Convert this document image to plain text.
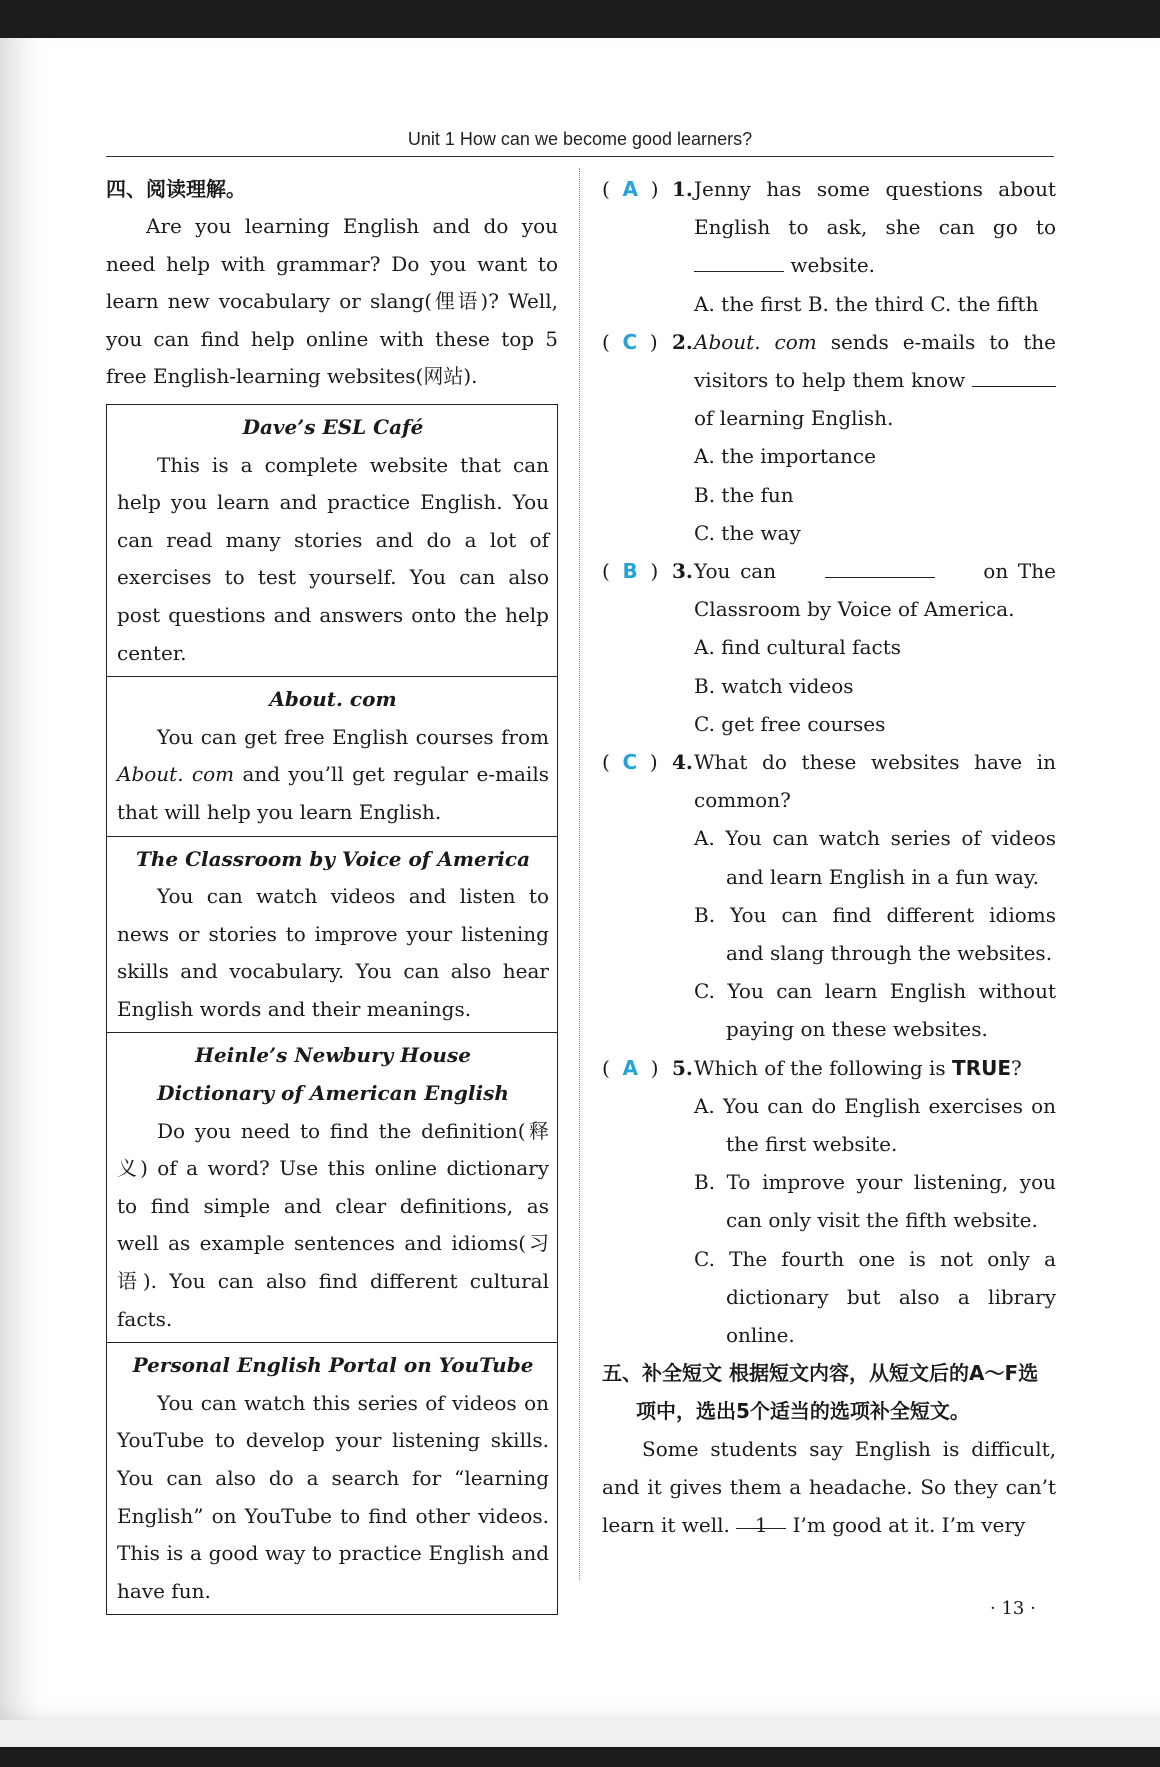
Unit 1 How can we become good learners?
四、阅读理解。

Are you learning English and do you need help with grammar? Do you want to learn new vocabulary or slang(俚语)? Well, you can find help online with these top 5 free English-learning websites(网站).

Dave’s ESL Café

This is a complete website that can help you learn and practice English. You can read many stories and do a lot of exercises to test yourself. You can also post questions and answers onto the help center.

About. com

You can get free English courses from About. com and you’ll get regular e-mails that will help you learn English.

The Classroom by Voice of America

You can watch videos and listen to news or stories to improve your listening skills and vocabulary. You can also hear English words and their meanings.

Heinle’s Newbury House
Dictionary of American English

Do you need to find the definition(释义) of a word? Use this online dictionary to find simple and clear definitions, as well as example sentences and idioms(习语). You can also find different cultural facts.

Personal English Portal on YouTube

You can watch this series of videos on YouTube to develop your listening skills. You can also do a search for “learning English” on YouTube to find other videos. This is a good way to practice English and have fun.

(  A  ) 1. Jenny has some questions about English to ask, she can go to  website.
A. the first B. the third C. the fifth
(  C  ) 2. About. com sends e-mails to the visitors to help them know  of learning English.
A. the importance
B. the fun
C. the way
(  B  ) 3. You can	on The Classroom by Voice of America.
A. find cultural facts
B. watch videos
C. get free courses
(  C  ) 4. What do these websites have in common?
A. You can watch series of videos and learn English in a fun way.
B. You can find different idioms and slang through the websites.
C. You can learn English without paying on these websites.
(  A  ) 5. Which of the following is TRUE?
A. You can do English exercises on the first website.
B. To improve your listening, you can only visit the fifth website.
C. The fourth one is not only a dictionary but also a library online.
五、补全短文 根据短文内容，从短文后的A～F选项中，选出5个适当的选项补全短文。

Some students say English is difficult, and it gives them a headache. So they can’t learn it well. 1 I’m good at it. I’m very

· 13 ·
